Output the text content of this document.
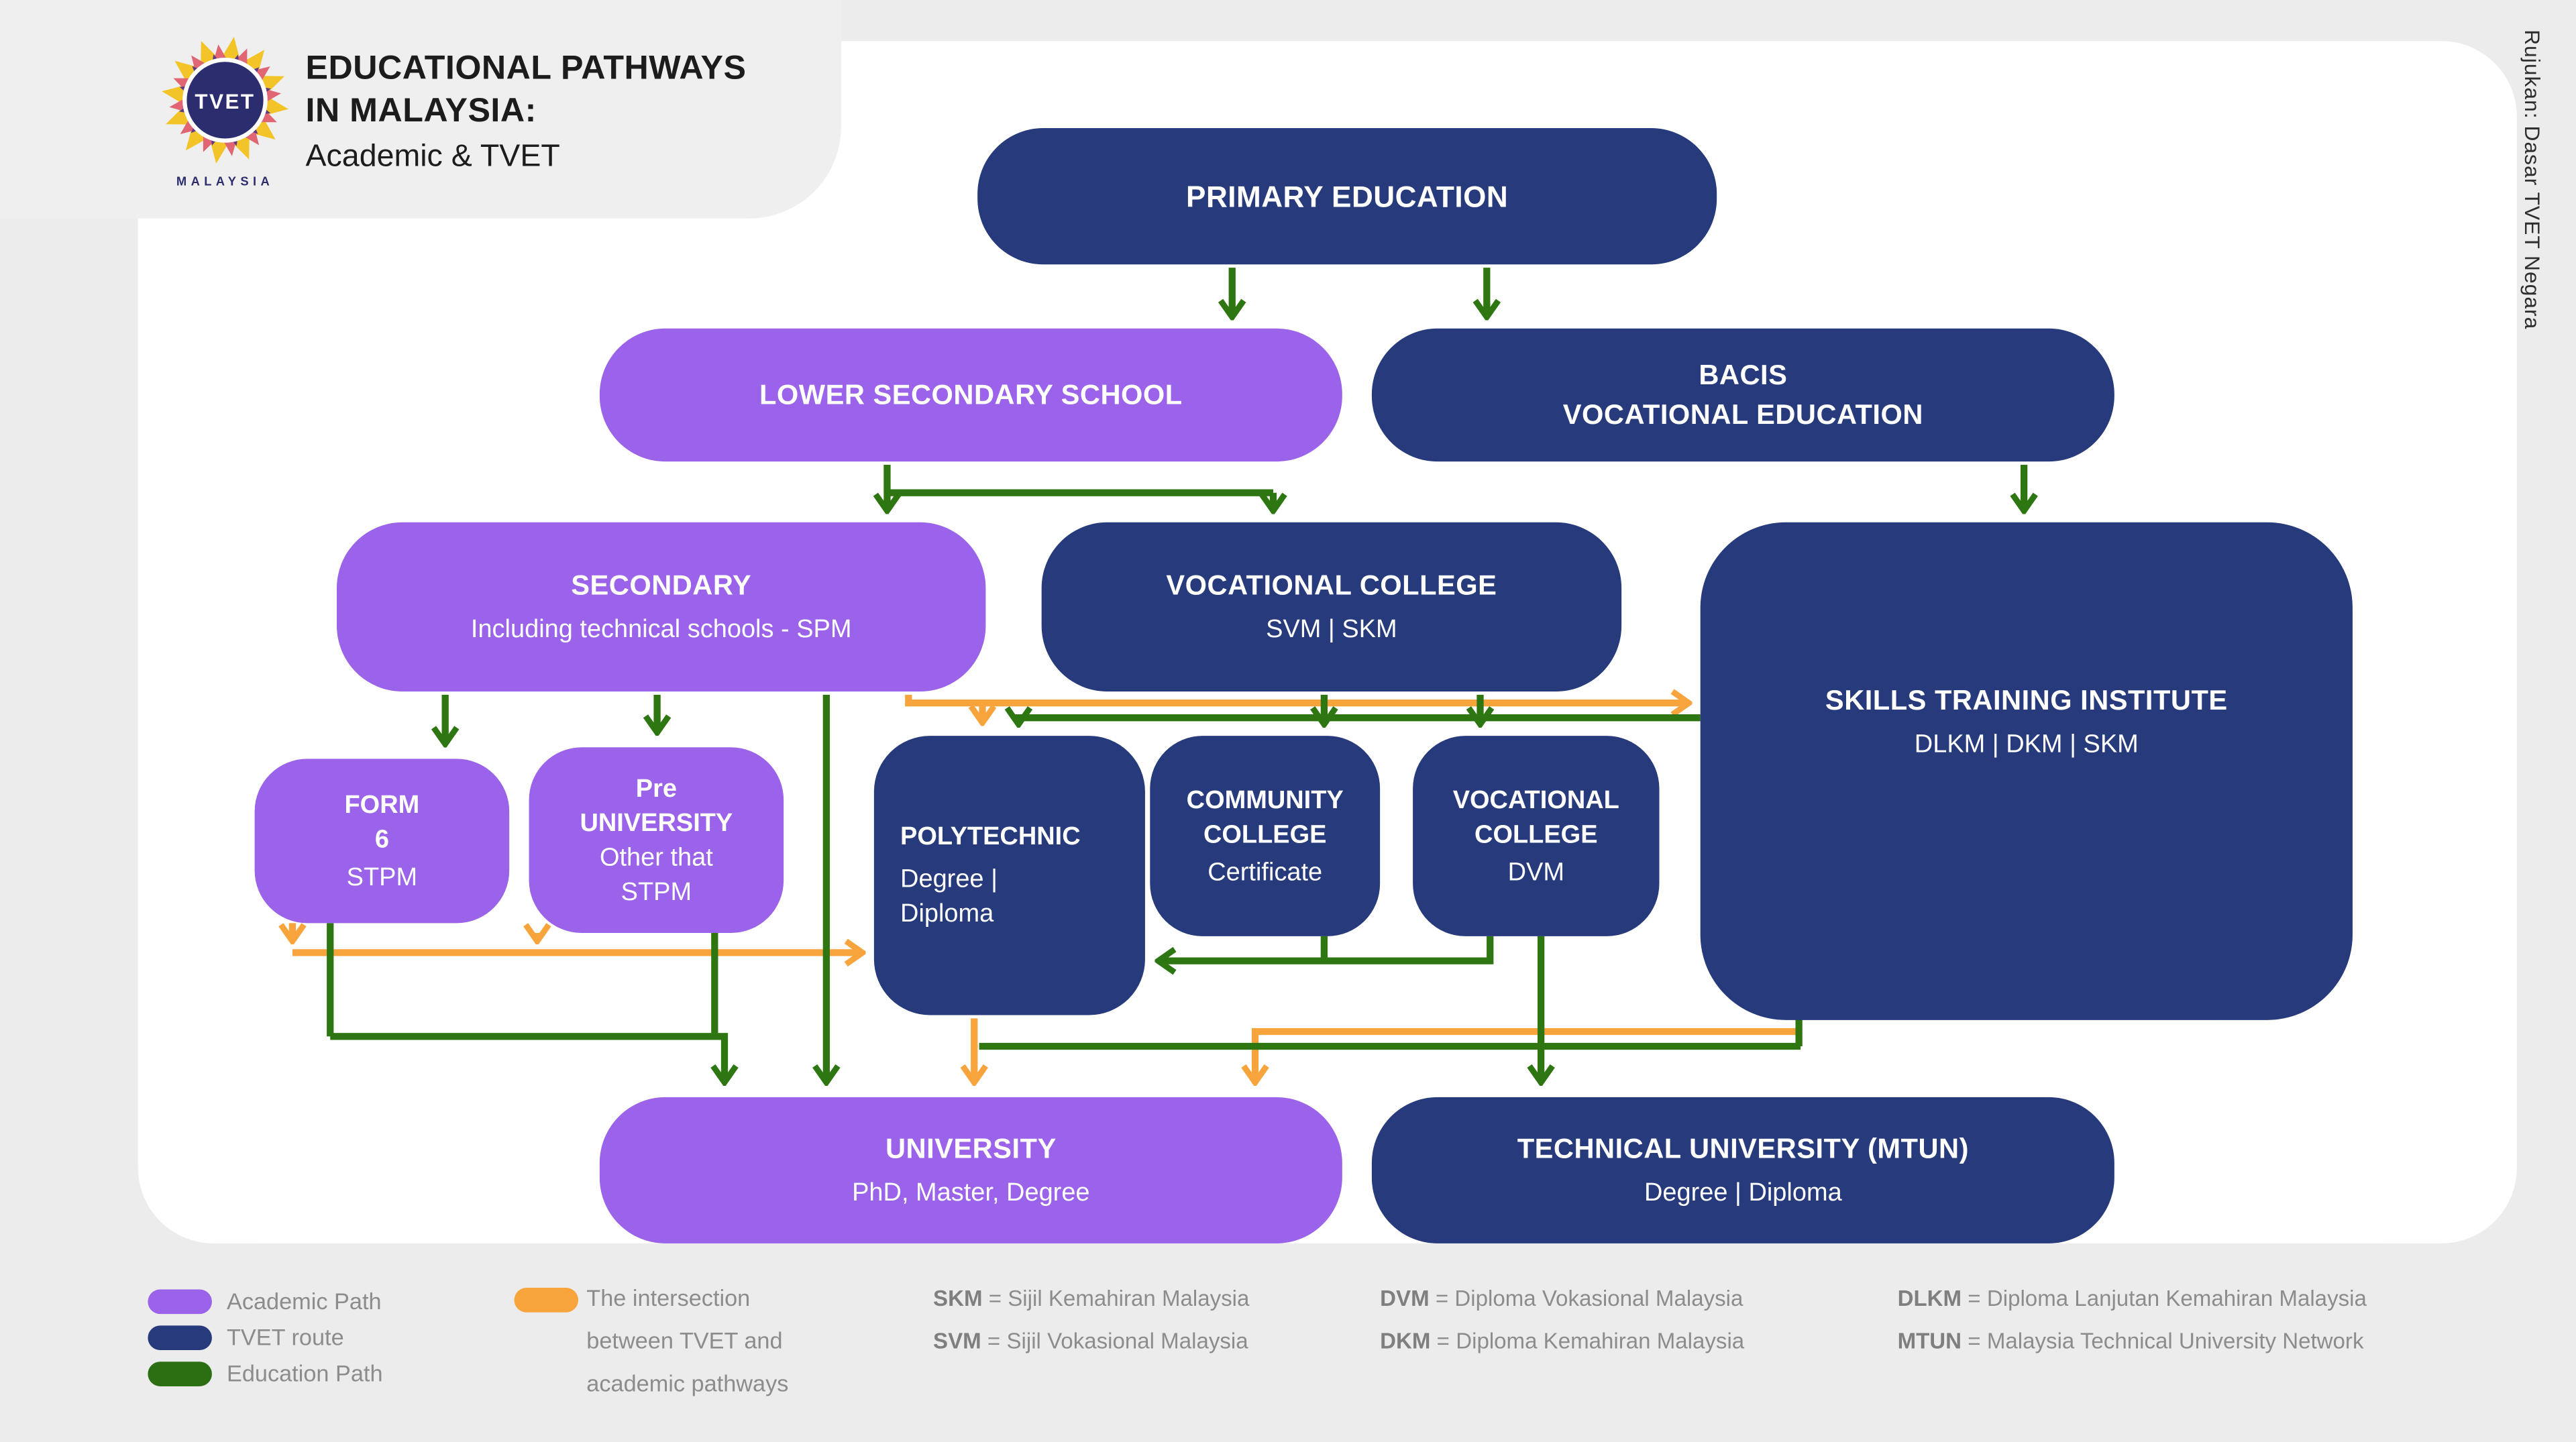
Rujukan: Dasar TVET Negara
TVET
MALAYSIA
EDUCATIONAL PATHWAYS
IN MALAYSIA:
Academic & TVET
PRIMARY EDUCATION
LOWER SECONDARY SCHOOL
BACIS
VOCATIONAL EDUCATION
SECONDARY
Including technical schools - SPM
VOCATIONAL COLLEGE
SVM | SKM
SKILLS TRAINING INSTITUTE
DLKM | DKM | SKM
FORM
6
STPM
Pre
UNIVERSITY
Other that
STPM
POLYTECHNIC
Degree |
Diploma
COMMUNITY
COLLEGE
Certificate
VOCATIONAL
COLLEGE
DVM
UNIVERSITY
PhD, Master, Degree
TECHNICAL UNIVERSITY (MTUN)
Degree | Diploma
Academic Path
TVET route
Education Path
The intersection
between TVET and
academic pathways
SKM = Sijil Kemahiran Malaysia
SVM = Sijil Vokasional Malaysia
DVM = Diploma Vokasional Malaysia
DKM = Diploma Kemahiran Malaysia
DLKM = Diploma Lanjutan Kemahiran Malaysia
MTUN = Malaysia Technical University Network
